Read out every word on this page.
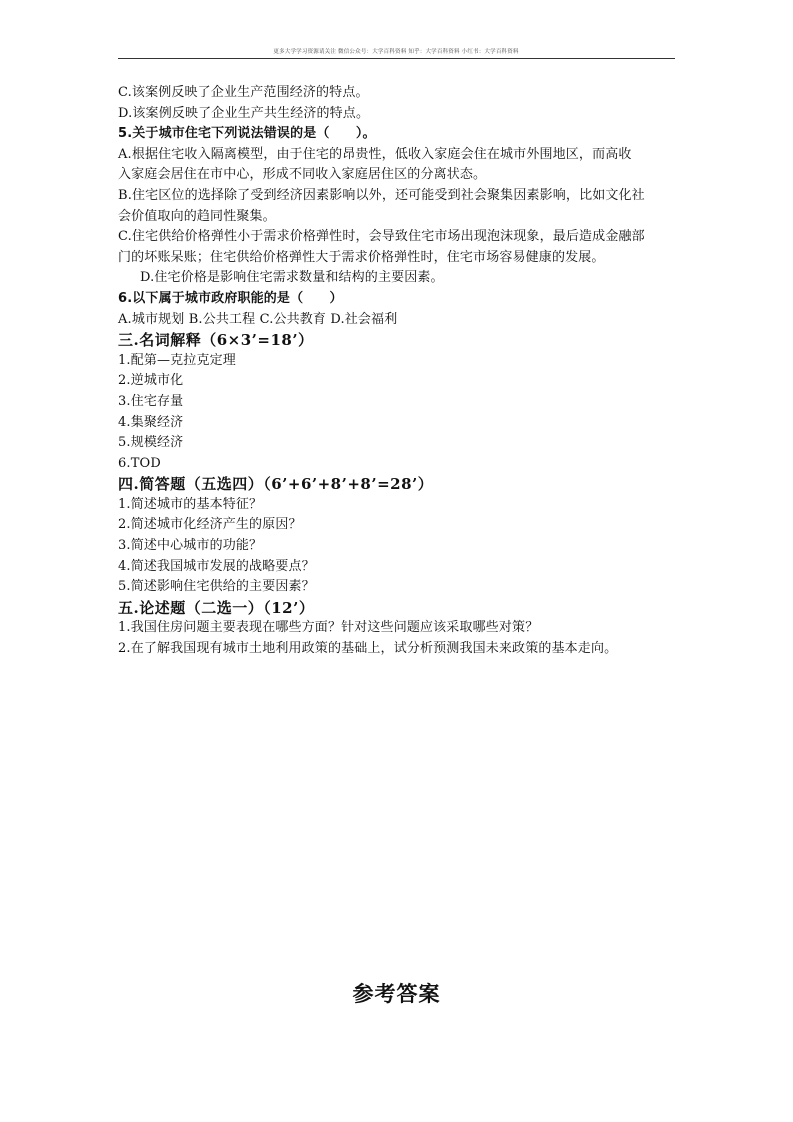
更多大学学习资源请关注 微信公众号：大学百科资料 知乎：大学百科资料 小红书：大学百科资料
C.该案例反映了企业生产范围经济的特点。
D.该案例反映了企业生产共生经济的特点。
5.关于城市住宅下列说法错误的是（　　）。
A.根据住宅收入隔离模型，由于住宅的昂贵性，低收入家庭会住在城市外围地区，而高收
入家庭会居住在市中心，形成不同收入家庭居住区的分离状态。
B.住宅区位的选择除了受到经济因素影响以外，还可能受到社会聚集因素影响，比如文化社
会价值取向的趋同性聚集。
C.住宅供给价格弹性小于需求价格弹性时，会导致住宅市场出现泡沫现象，最后造成金融部
门的坏账呆账；住宅供给价格弹性大于需求价格弹性时，住宅市场容易健康的发展。
D.住宅价格是影响住宅需求数量和结构的主要因素。
6.以下属于城市政府职能的是（　　）
A.城市规划 B.公共工程 C.公共教育 D.社会福利
三.名词解释（6×3’=18’）
1.配第—克拉克定理
2.逆城市化
3.住宅存量
4.集聚经济
5.规模经济
6.TOD
四.简答题（五选四）（6’+6’+8’+8’=28’）
1.简述城市的基本特征？
2.简述城市化经济产生的原因？
3.简述中心城市的功能？
4.简述我国城市发展的战略要点？
5.简述影响住宅供给的主要因素？
五.论述题（二选一）（12’）
1.我国住房问题主要表现在哪些方面？针对这些问题应该采取哪些对策？
2.在了解我国现有城市土地利用政策的基础上，试分析预测我国未来政策的基本走向。
参考答案
